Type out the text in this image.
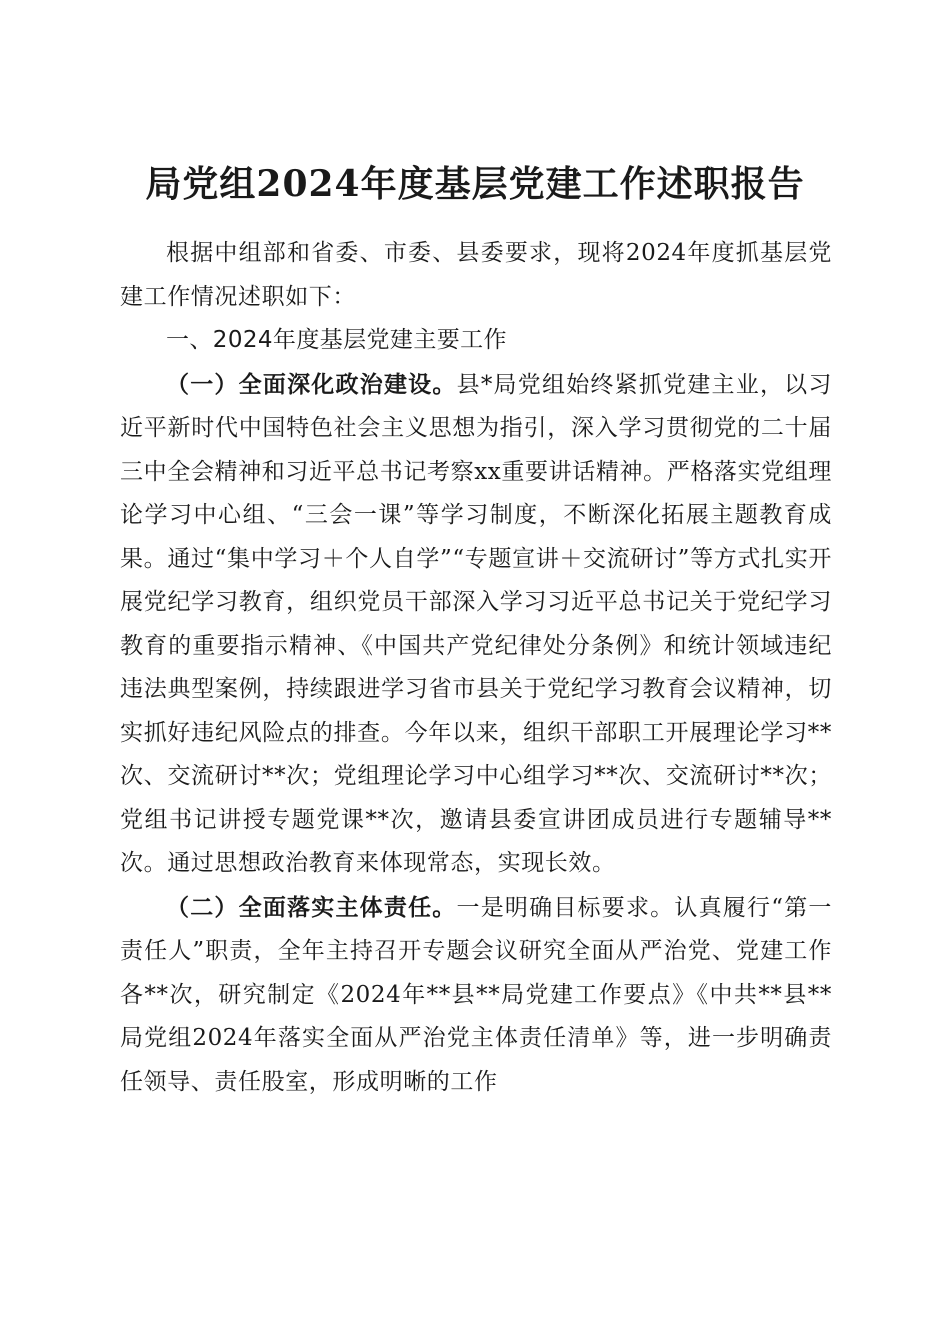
局党组2024年度基层党建工作述职报告

根据中组部和省委、市委、县委要求，现将2024年度抓基层党建工作情况述职如下：

一、2024年度基层党建主要工作

（一）全面深化政治建设。县*局党组始终紧抓党建主业，以习近平新时代中国特色社会主义思想为指引，深入学习贯彻党的二十届三中全会精神和习近平总书记考察xx重要讲话精神。严格落实党组理论学习中心组、“三会一课”等学习制度，不断深化拓展主题教育成果。通过“集中学习＋个人自学”“专题宣讲＋交流研讨”等方式扎实开展党纪学习教育，组织党员干部深入学习习近平总书记关于党纪学习教育的重要指示精神、《中国共产党纪律处分条例》和统计领域违纪违法典型案例，持续跟进学习省市县关于党纪学习教育会议精神，切实抓好违纪风险点的排查。今年以来，组织干部职工开展理论学习**次、交流研讨**次；党组理论学习中心组学习**次、交流研讨**次；党组书记讲授专题党课**次，邀请县委宣讲团成员进行专题辅导**次。通过思想政治教育来体现常态，实现长效。

（二）全面落实主体责任。一是明确目标要求。认真履行“第一责任人”职责，全年主持召开专题会议研究全面从严治党、党建工作各**次，研究制定《2024年**县**局党建工作要点》《中共**县**局党组2024年落实全面从严治党主体责任清单》等，进一步明确责任领导、责任股室，形成明晰的工作
